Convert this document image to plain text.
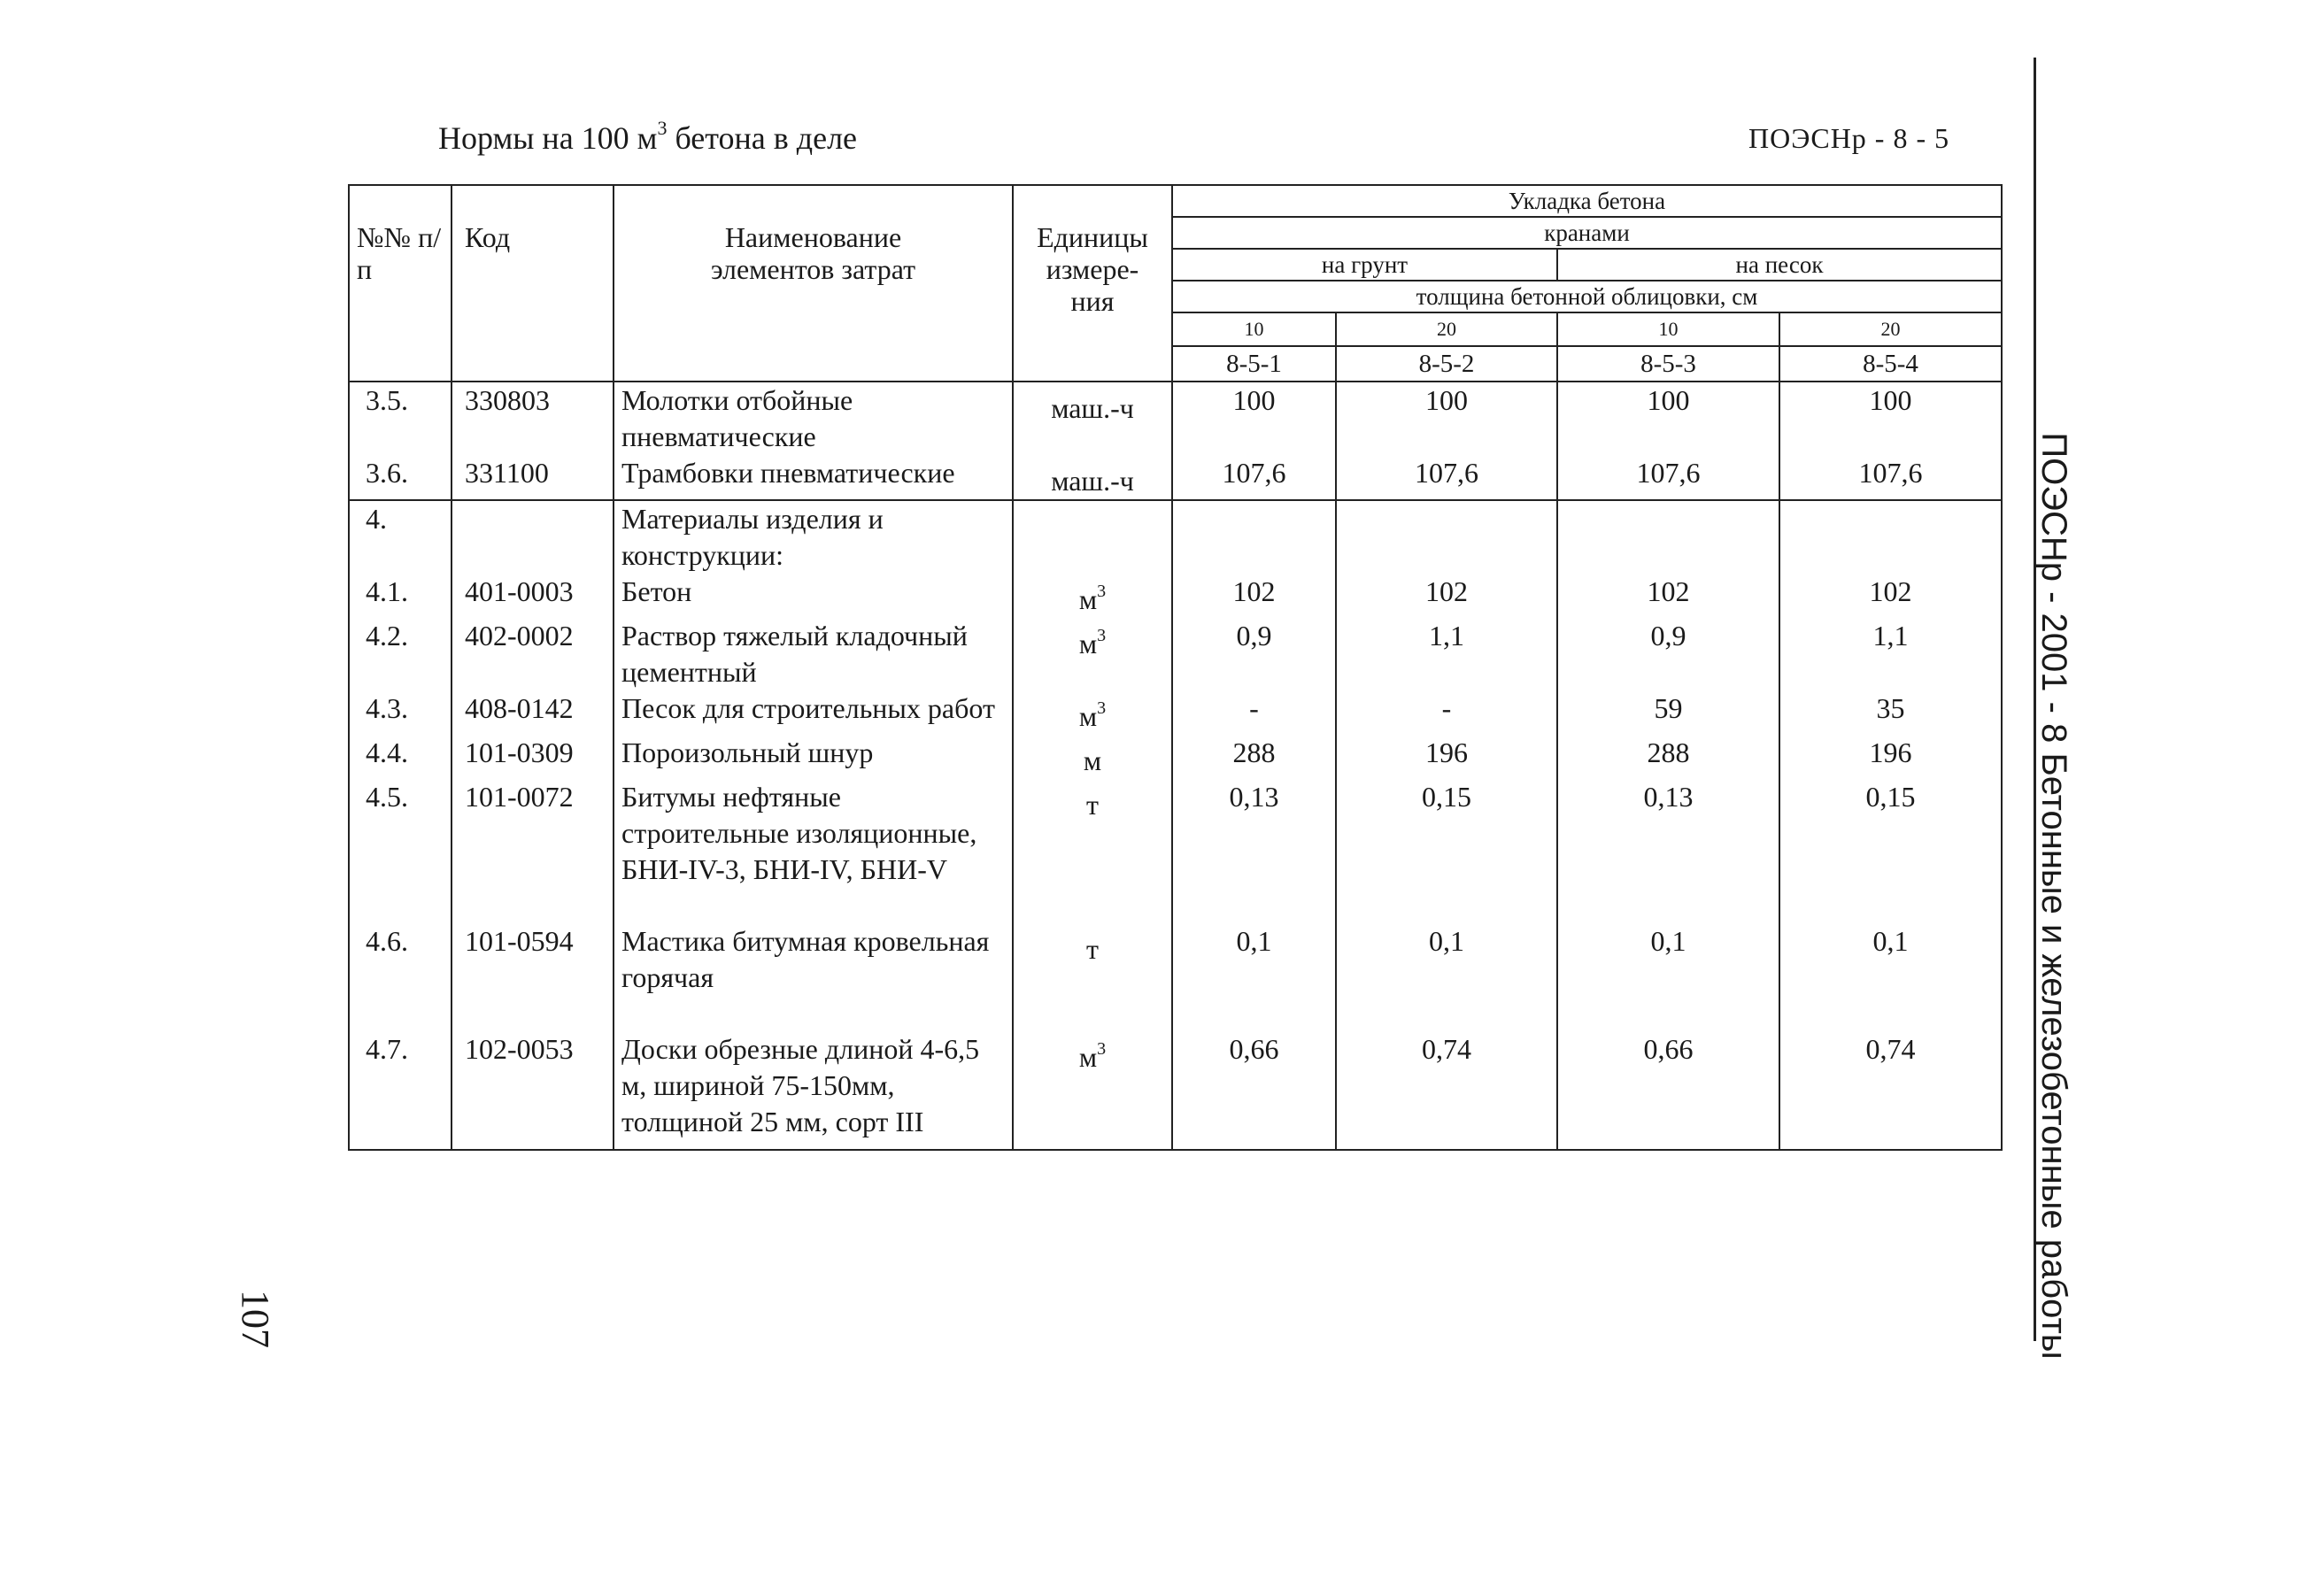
Нормы на 100 $м^3$ бетона в деле	ПОЭСНр - 8 - 5
ПОЭСНр - 2001 - 8 Бетонные и железобетонные работы
107
№№ п/п	Код	Наименование элементов затрат	Единицы измере-ния	Укладка бетона			
				кранами			
				на грунт		на песок	
				толщина бетонной облицовки, см			
				10	20	10	20
				8-5-1	8-5-2	8-5-3	8-5-4
3.5.	330803	Молотки отбойные пневматические	маш.-ч	100	100	100	100
3.6.	331100	Трамбовки пневматические	маш.-ч	107,6	107,6	107,6	107,6
4.		Материалы изделия и конструкции:					
4.1.	401-0003	Бетон	$м^3$	102	102	102	102
4.2.	402-0002	Раствор тяжелый кладочный цементный	$м^3$	0,9	1,1	0,9	1,1
4.3.	408-0142	Песок для строительных работ	$м^3$	-	-	59	35
4.4.	101-0309	Пороизольный шнур	м	288	196	288	196
4.5.	101-0072	Битумы нефтяные строительные изоляционные, БНИ-IV-3, БНИ-IV, БНИ-V	т	0,13	0,15	0,13	0,15
4.6.	101-0594	Мастика битумная кровельная горячая	т	0,1	0,1	0,1	0,1
4.7.	102-0053	Доски обрезные длиной 4-6,5 м, шириной 75-150мм, толщиной 25 мм, сорт III	$м^3$	0,66	0,74	0,66	0,74
